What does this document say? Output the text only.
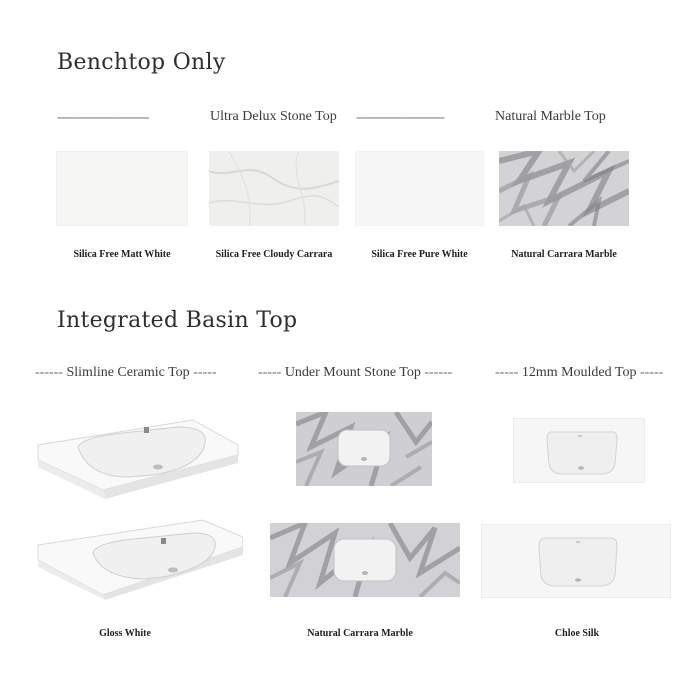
Benchtop Only
-------------------------	Ultra Delux Stone Top ------------------------	Natural Marble Top
Silica Free Matt White	Silica Free Cloudy Carrara	Silica Free Pure White	Natural Carrara Marble
Integrated Basin Top
------ Slimline Ceramic Top -----	----- Under Mount Stone Top ------	----- 12mm Moulded Top -----
Gloss White	Natural Carrara Marble	Chloe Silk
